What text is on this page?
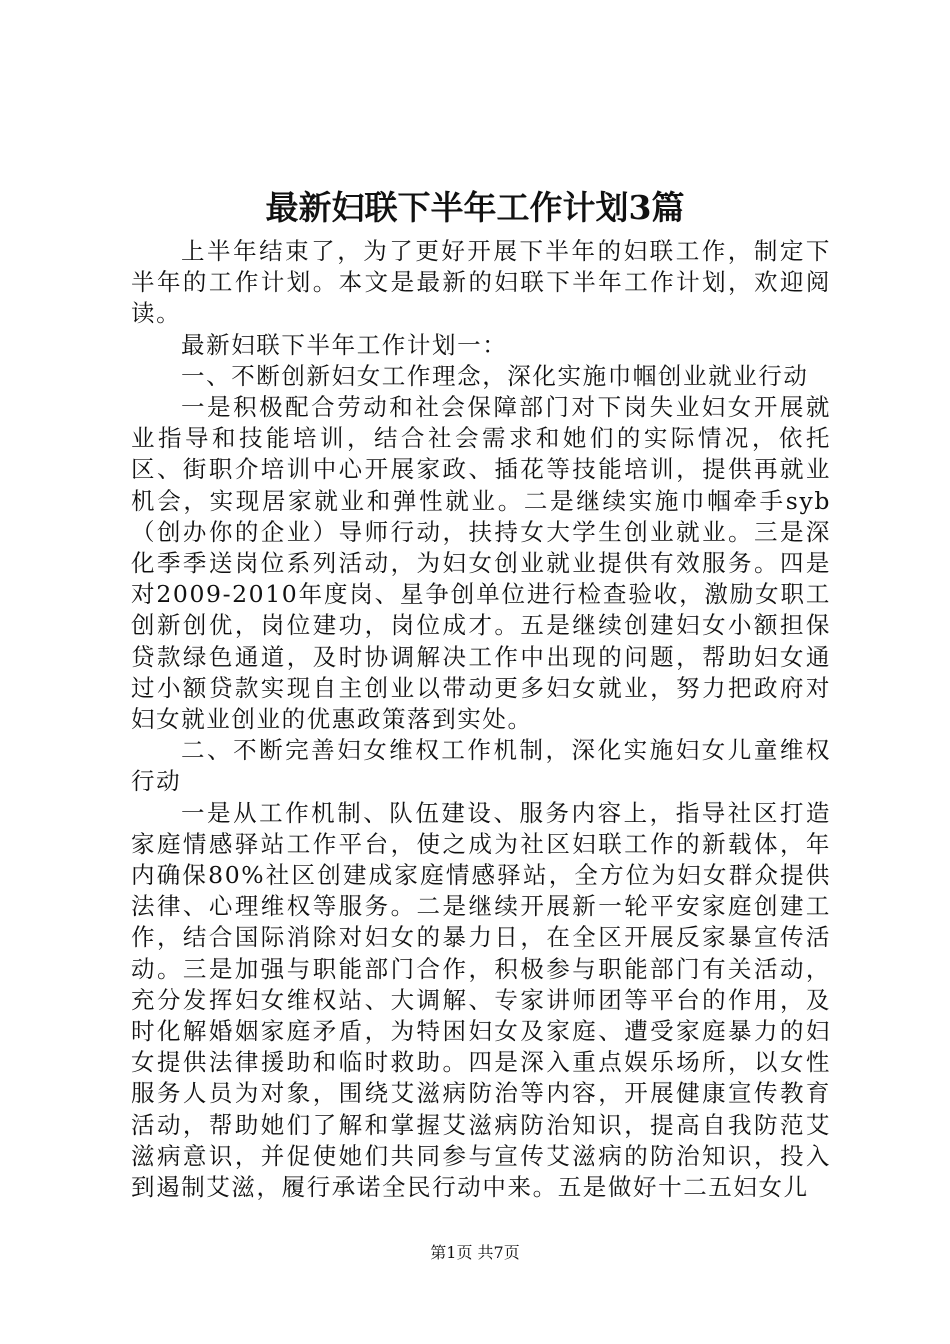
最新妇联下半年工作计划3篇

上半年结束了，为了更好开展下半年的妇联工作，制定下半年的工作计划。本文是最新的妇联下半年工作计划，欢迎阅读。

最新妇联下半年工作计划一：

一、不断创新妇女工作理念，深化实施巾帼创业就业行动

一是积极配合劳动和社会保障部门对下岗失业妇女开展就业指导和技能培训，结合社会需求和她们的实际情况，依托区、街职介培训中心开展家政、插花等技能培训，提供再就业机会，实现居家就业和弹性就业。二是继续实施巾帼牵手syb（创办你的企业）导师行动，扶持女大学生创业就业。三是深化季季送岗位系列活动，为妇女创业就业提供有效服务。四是对2009-2010年度岗、星争创单位进行检查验收，激励女职工创新创优，岗位建功，岗位成才。五是继续创建妇女小额担保贷款绿色通道，及时协调解决工作中出现的问题，帮助妇女通过小额贷款实现自主创业以带动更多妇女就业，努力把政府对妇女就业创业的优惠政策落到实处。

二、不断完善妇女维权工作机制，深化实施妇女儿童维权行动

一是从工作机制、队伍建设、服务内容上，指导社区打造家庭情感驿站工作平台，使之成为社区妇联工作的新载体，年内确保80%社区创建成家庭情感驿站，全方位为妇女群众提供法律、心理维权等服务。二是继续开展新一轮平安家庭创建工作，结合国际消除对妇女的暴力日，在全区开展反家暴宣传活动。三是加强与职能部门合作，积极参与职能部门有关活动，充分发挥妇女维权站、大调解、专家讲师团等平台的作用，及时化解婚姻家庭矛盾，为特困妇女及家庭、遭受家庭暴力的妇女提供法律援助和临时救助。四是深入重点娱乐场所，以女性服务人员为对象，围绕艾滋病防治等内容，开展健康宣传教育活动，帮助她们了解和掌握艾滋病防治知识，提高自我防范艾滋病意识，并促使她们共同参与宣传艾滋病的防治知识，投入到遏制艾滋，履行承诺全民行动中来。五是做好十二五妇女儿

第1页 共7页
